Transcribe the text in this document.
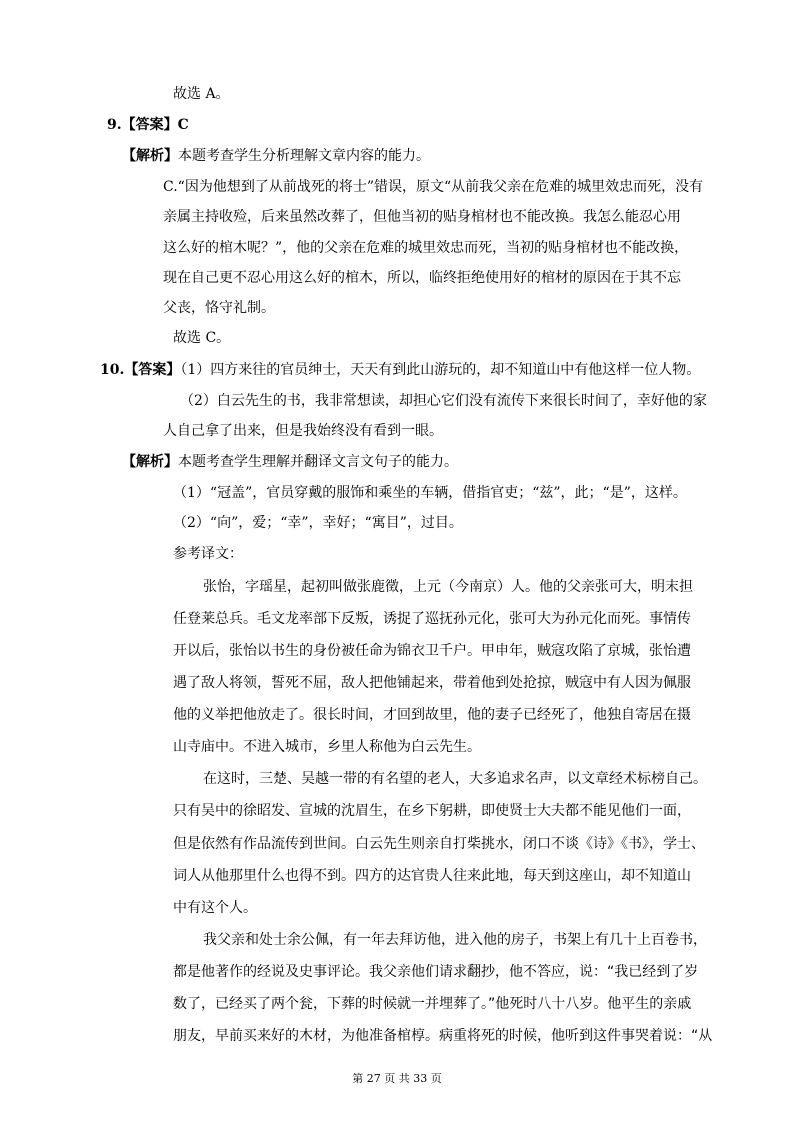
故选 A。
9.【答案】C
【解析】本题考查学生分析理解文章内容的能力。
C.“因为他想到了从前战死的将士”错误，原文“从前我父亲在危难的城里效忠而死，没有
亲属主持收殓，后来虽然改葬了，但他当初的贴身棺材也不能改换。我怎么能忍心用
这么好的棺木呢？”，他的父亲在危难的城里效忠而死，当初的贴身棺材也不能改换，
现在自己更不忍心用这么好的棺木，所以，临终拒绝使用好的棺材的原因在于其不忘
父丧，恪守礼制。
故选 C。
10.【答案】（1）四方来往的官员绅士，天天有到此山游玩的，却不知道山中有他这样一位人物。
（2）白云先生的书，我非常想读，却担心它们没有流传下来很长时间了，幸好他的家
人自己拿了出来，但是我始终没有看到一眼。
【解析】本题考查学生理解并翻译文言文句子的能力。
（1）“冠盖”，官员穿戴的服饰和乘坐的车辆，借指官吏；“兹”，此；“是”，这样。
（2）“向”，爱；“幸”，幸好；“寓目”，过目。
参考译文：
张怡，字瑶星，起初叫做张鹿徵，上元（今南京）人。他的父亲张可大，明末担
任登莱总兵。毛文龙率部下反叛，诱捉了巡抚孙元化，张可大为孙元化而死。事情传
开以后，张怡以书生的身份被任命为锦衣卫千户。甲申年，贼寇攻陷了京城，张怡遭
遇了敌人将领，誓死不屈，敌人把他铺起来，带着他到处抢掠，贼寇中有人因为佩服
他的义举把他放走了。很长时间，才回到故里，他的妻子已经死了，他独自寄居在摄
山寺庙中。不进入城市，乡里人称他为白云先生。
在这时，三楚、吴越一带的有名望的老人，大多追求名声，以文章经术标榜自己。
只有吴中的徐昭发、宣城的沈眉生，在乡下躬耕，即使贤士大夫都不能见他们一面，
但是依然有作品流传到世间。白云先生则亲自打柴挑水，闭口不谈《诗》《书》，学士、
词人从他那里什么也得不到。四方的达官贵人往来此地，每天到这座山，却不知道山
中有这个人。
我父亲和处士余公佩，有一年去拜访他，进入他的房子，书架上有几十上百卷书，
都是他著作的经说及史事评论。我父亲他们请求翻抄，他不答应，说：“我已经到了岁
数了，已经买了两个瓮，下葬的时候就一并埋葬了。”他死时八十八岁。他平生的亲戚
朋友，早前买来好的木材，为他准备棺椁。病重将死的时候，他听到这件事哭着说：“从
第 27 页 共 33 页
